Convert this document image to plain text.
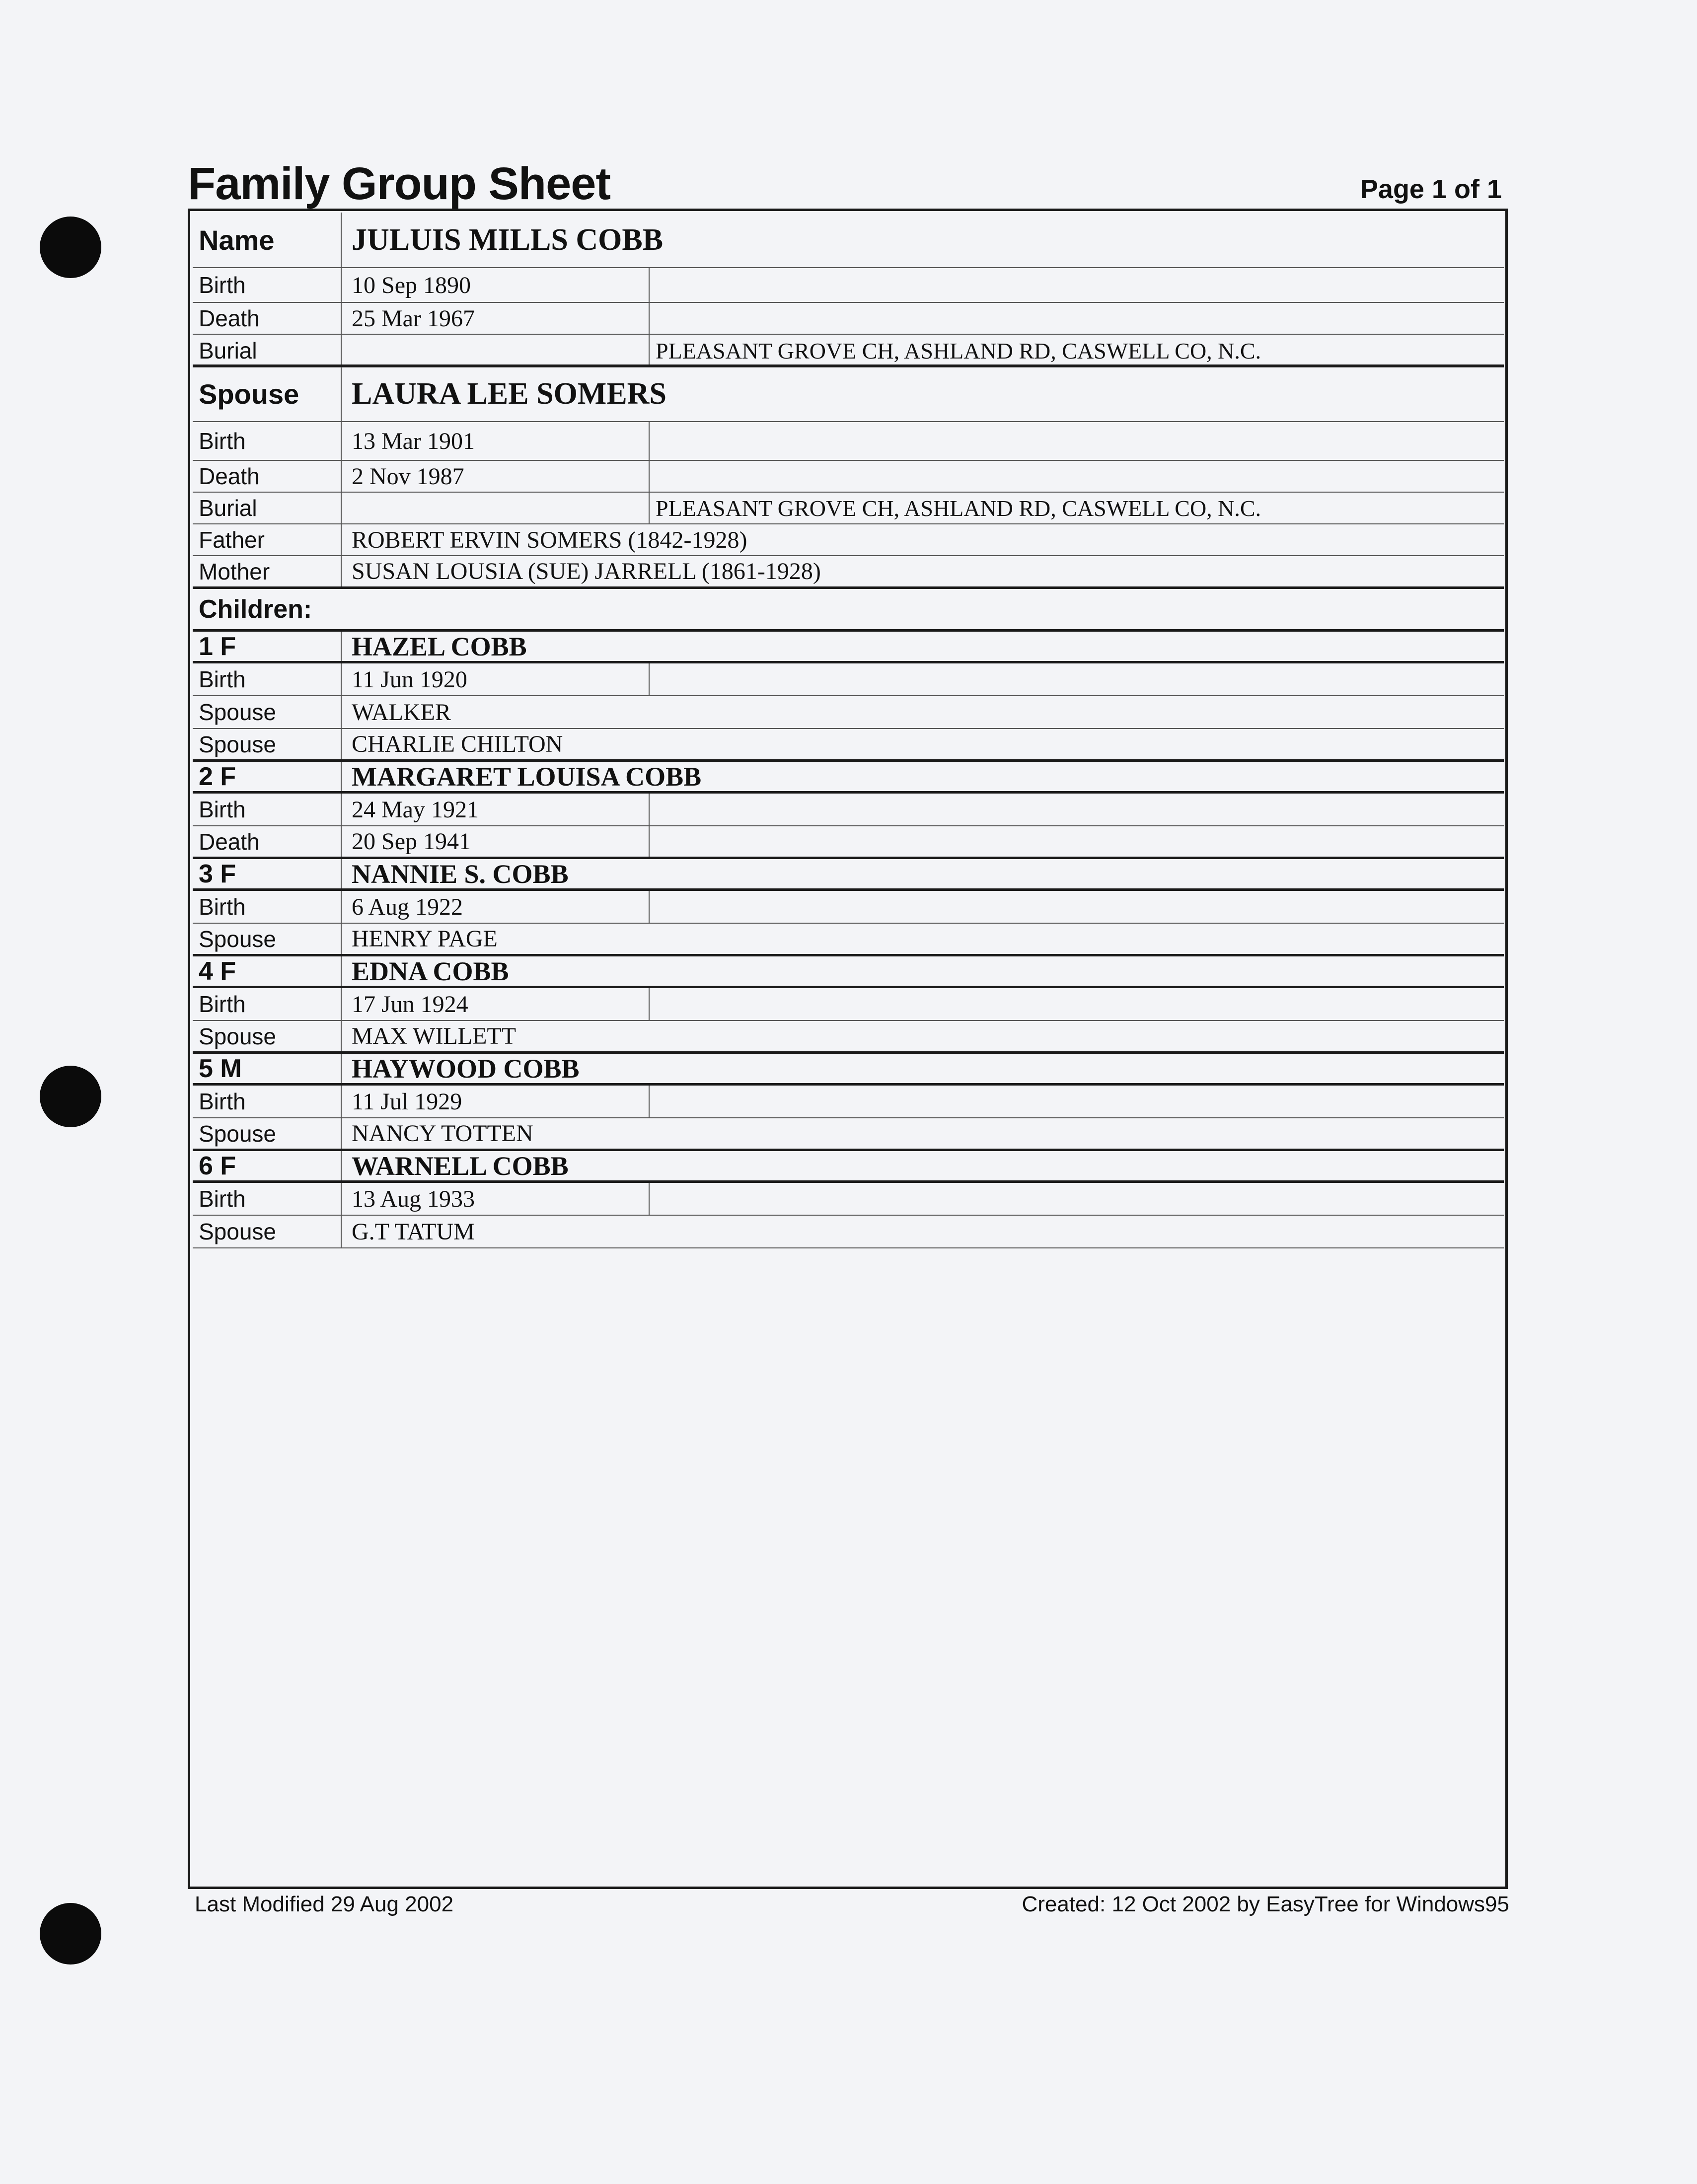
Family Group Sheet	Page 1 of 1
Name	JULUIS MILLS COBB
Birth	10 Sep 1890
Death	25 Mar 1967
Burial	PLEASANT GROVE CH, ASHLAND RD, CASWELL CO, N.C.
Spouse	LAURA LEE SOMERS
Birth	13 Mar 1901
Death	2 Nov 1987
Burial	PLEASANT GROVE CH, ASHLAND RD, CASWELL CO, N.C.
Father	ROBERT ERVIN SOMERS (1842-1928)
Mother	SUSAN LOUSIA (SUE) JARRELL (1861-1928)
Children:
1 F	HAZEL COBB
Birth	11 Jun 1920
Spouse	WALKER
Spouse	CHARLIE CHILTON
2 F	MARGARET LOUISA COBB
Birth	24 May 1921
Death	20 Sep 1941
3 F	NANNIE S. COBB
Birth	6 Aug 1922
Spouse	HENRY PAGE
4 F	EDNA COBB
Birth	17 Jun 1924
Spouse	MAX WILLETT
5 M	HAYWOOD COBB
Birth	11 Jul 1929
Spouse	NANCY TOTTEN
6 F	WARNELL COBB
Birth	13 Aug 1933
Spouse	G.T TATUM
Last Modified 29 Aug 2002	Created: 12 Oct 2002 by EasyTree for Windows95
